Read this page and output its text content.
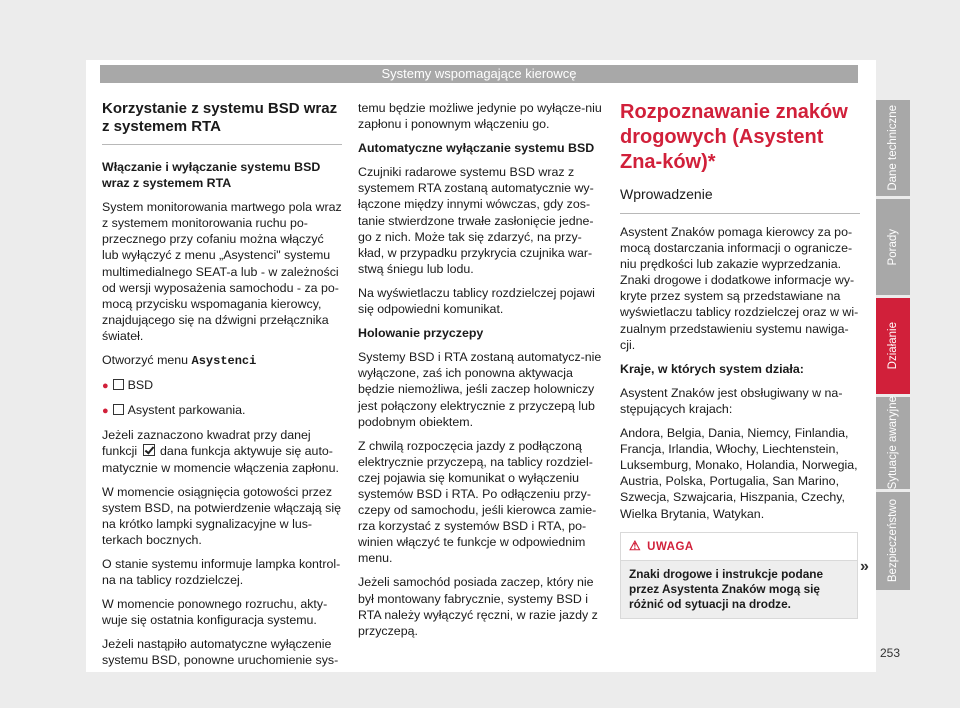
Systemy wspomagające kierowcę
Korzystanie z systemu BSD wraz z systemem RTA

Włączanie i wyłączanie systemu BSD wraz z systemem RTA

System monitorowania martwego pola wraz z systemem monitorowania ruchu po-przecznego przy cofaniu można włączyć lub wyłączyć z menu „Asystenci" systemu multimedialnego SEAT-a lub - w zależności od wersji wyposażenia samochodu - za po-mocą przycisku wspomagania kierowcy, znajdującego się na dźwigni przełącznika świateł.

Otworzyć menu Asystenci

● BSD
● Asystent parkowania.

Jeżeli zaznaczono kwadrat przy danej funkcji dana funkcja aktywuje się auto-matycznie w momencie włączenia zapłonu.

W momencie osiągnięcia gotowości przez system BSD, na potwierdzenie włączają się na krótko lampki sygnalizacyjne w lus-terkach bocznych.

O stanie systemu informuje lampka kontrol-na na tablicy rozdzielczej.

W momencie ponownego rozruchu, akty-wuje się ostatnia konfiguracja systemu.

Jeżeli nastąpiło automatyczne wyłączenie systemu BSD, ponowne uruchomienie sys-

temu będzie możliwe jedynie po wyłącze-niu zapłonu i ponownym włączeniu go.

Automatyczne wyłączanie systemu BSD

Czujniki radarowe systemu BSD wraz z systemem RTA zostaną automatycznie wy-łączone między innymi wówczas, gdy zos-tanie stwierdzone trwałe zasłonięcie jedne-go z nich. Może tak się zdarzyć, na przy-kład, w przypadku przykrycia czujnika war-stwą śniegu lub lodu.

Na wyświetlaczu tablicy rozdzielczej pojawi się odpowiedni komunikat.

Holowanie przyczepy

Systemy BSD i RTA zostaną automatycz-nie wyłączone, zaś ich ponowna aktywacja będzie niemożliwa, jeśli zaczep holowniczy jest połączony elektrycznie z przyczepą lub podobnym obiektem.

Z chwilą rozpoczęcia jazdy z podłączoną elektrycznie przyczepą, na tablicy rozdziel-czej pojawia się komunikat o wyłączeniu systemów BSD i RTA. Po odłączeniu przy-czepy od samochodu, jeśli kierowca zamie-rza korzystać z systemów BSD i RTA, po-winien włączyć te funkcje w odpowiednim menu.

Jeżeli samochód posiada zaczep, który nie był montowany fabrycznie, systemy BSD i RTA należy wyłączyć ręczni, w razie jazdy z przyczepą.

Rozpoznawanie znaków drogowych (Asystent Zna-ków)*
Wprowadzenie

Asystent Znaków pomaga kierowcy za po-mocą dostarczania informacji o ogranicze-niu prędkości lub zakazie wyprzedzania. Znaki drogowe i dodatkowe informacje wy-kryte przez system są przedstawiane na wyświetlaczu tablicy rozdzielczej oraz w wi-zualnym przedstawieniu systemu nawiga-cji.

Kraje, w których system działa:

Asystent Znaków jest obsługiwany w na-stępujących krajach:

Andora, Belgia, Dania, Niemcy, Finlandia, Francja, Irlandia, Włochy, Liechtenstein, Luksemburg, Monako, Holandia, Norwegia, Austria, Polska, Portugalia, San Marino, Szwecja, Szwajcaria, Hiszpania, Czechy, Wielka Brytania, Watykan.

⚠ UWAGA
Znaki drogowe i instrukcje podane przez Asystenta Znaków mogą się różnić od sytuacji na drodze.
»
Dane techniczne
Porady
Działanie
Sytuacje awaryjne
Bezpieczeństwo
253
